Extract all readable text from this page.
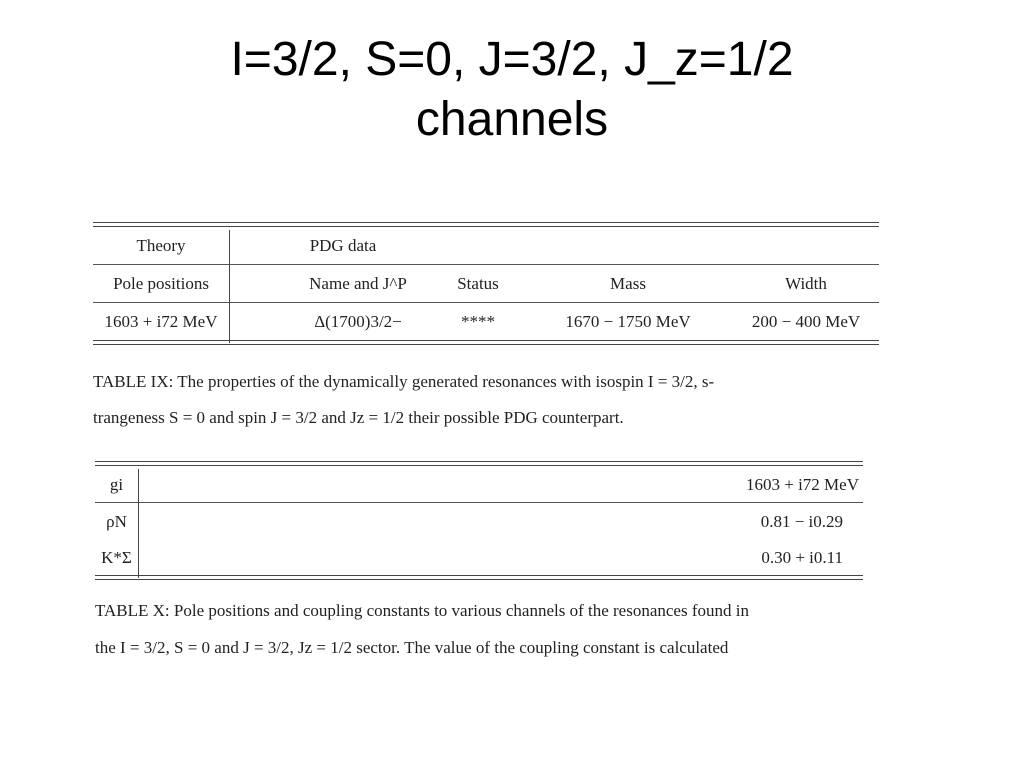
I=3/2, S=0, J=3/2, J_z=1/2
channels
Theory	PDG data
Pole positions	Name and J^P	Status	Mass	Width
1603 + i72 MeV	Δ(1700)3/2−	****	1670 − 1750 MeV	200 − 400 MeV
TABLE IX: The properties of the dynamically generated resonances with isospin I = 3/2, s-
trangeness S = 0 and spin J = 3/2 and Jz = 1/2 their possible PDG counterpart.
gi	1603 + i72 MeV
ρN	0.81 − i0.29
K*Σ	0.30 + i0.11
TABLE X: Pole positions and coupling constants to various channels of the resonances found in
the I = 3/2, S = 0 and J = 3/2, Jz = 1/2 sector. The value of the coupling constant is calculated
